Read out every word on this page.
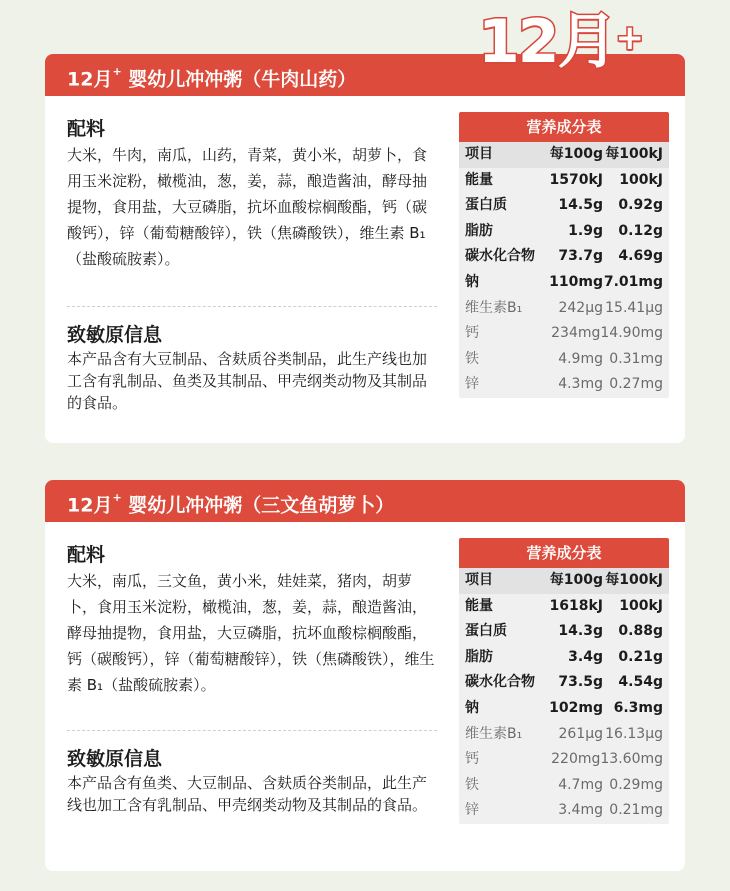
12月+
12月+ 婴幼儿冲冲粥（牛肉山药）
配料
大米，牛肉，南瓜，山药，青菜，黄小米，胡萝卜，食用玉米淀粉，橄榄油，葱，姜，蒜，酿造酱油，酵母抽提物，食用盐，大豆磷脂，抗坏血酸棕榈酸酯，钙（碳酸钙），锌（葡萄糖酸锌），铁（焦磷酸铁），维生素 B₁（盐酸硫胺素）。
致敏原信息
本产品含有大豆制品、含麸质谷类制品，此生产线也加工含有乳制品、鱼类及其制品、甲壳纲类动物及其制品的食品。
营养成分表
项目	每100g 每100kJ
能量	1570kJ	100kJ
蛋白质	14.5g	0.92g
脂肪	1.9g	0.12g
碳水化合物	73.7g	4.69g
钠	110mg 7.01mg
维生素B₁	242μg 15.41μg
钙	234mg 14.90mg
铁	4.9mg 0.31mg
锌	4.3mg 0.27mg
12月+ 婴幼儿冲冲粥（三文鱼胡萝卜）
配料
大米，南瓜，三文鱼，黄小米，娃娃菜，猪肉，胡萝卜，食用玉米淀粉，橄榄油，葱，姜，蒜，酿造酱油，酵母抽提物，食用盐，大豆磷脂，抗坏血酸棕榈酸酯，钙（碳酸钙），锌（葡萄糖酸锌），铁（焦磷酸铁），维生素 B₁（盐酸硫胺素）。
致敏原信息
本产品含有鱼类、大豆制品、含麸质谷类制品，此生产线也加工含有乳制品、甲壳纲类动物及其制品的食品。
营养成分表
项目	每100g 每100kJ
能量	1618kJ	100kJ
蛋白质	14.3g	0.88g
脂肪	3.4g	0.21g
碳水化合物	73.5g	4.54g
钠	102mg 6.3mg
维生素B₁	261μg 16.13μg
钙	220mg 13.60mg
铁	4.7mg 0.29mg
锌	3.4mg 0.21mg
